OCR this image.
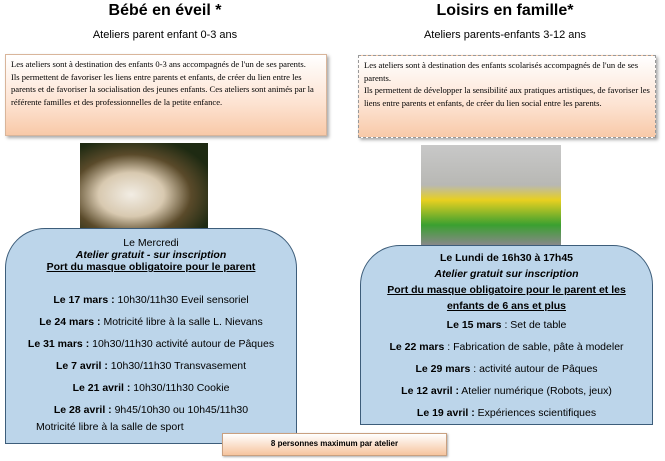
Bébé en éveil *
Ateliers parent enfant 0-3 ans
Les ateliers sont à destination des enfants 0-3 ans accompagnés de l'un de ses parents.
Ils permettent de favoriser les liens entre parents et enfants, de créer du lien entre les parents et de favoriser la socialisation des jeunes enfants. Ces ateliers sont animés par la référente familles et des professionnelles de la petite enfance.
Le Mercredi
Atelier gratuit - sur inscription
Port du masque obligatoire pour le parent
Le 17 mars : 10h30/11h30 Eveil sensoriel
Le 24 mars : Motricité libre à la salle L. Nievans
Le 31 mars : 10h30/11h30 activité autour de Pâques
Le 7 avril : 10h30/11h30 Transvasement
Le 21 avril : 10h30/11h30 Cookie
Le 28 avril : 9h45/10h30 ou 10h45/11h30
Motricité libre à la salle de sport
Loisirs en famille*
Ateliers parents-enfants 3-12 ans
Les ateliers sont à destination des enfants scolarisés accompagnés de l'un de ses parents.
Ils permettent de développer la sensibilité aux pratiques artistiques, de favoriser les liens entre parents et enfants, de créer du lien social entre les parents.
Le Lundi de 16h30 à 17h45
Atelier gratuit sur inscription
Port du masque obligatoire pour le parent et les enfants de 6 ans et plus
Le 15 mars : Set de table
Le 22 mars : Fabrication de sable, pâte à modeler
Le 29 mars : activité autour de Pâques
Le 12 avril : Atelier numérique (Robots, jeux)
Le 19 avril : Expériences scientifiques
8 personnes maximum par atelier
